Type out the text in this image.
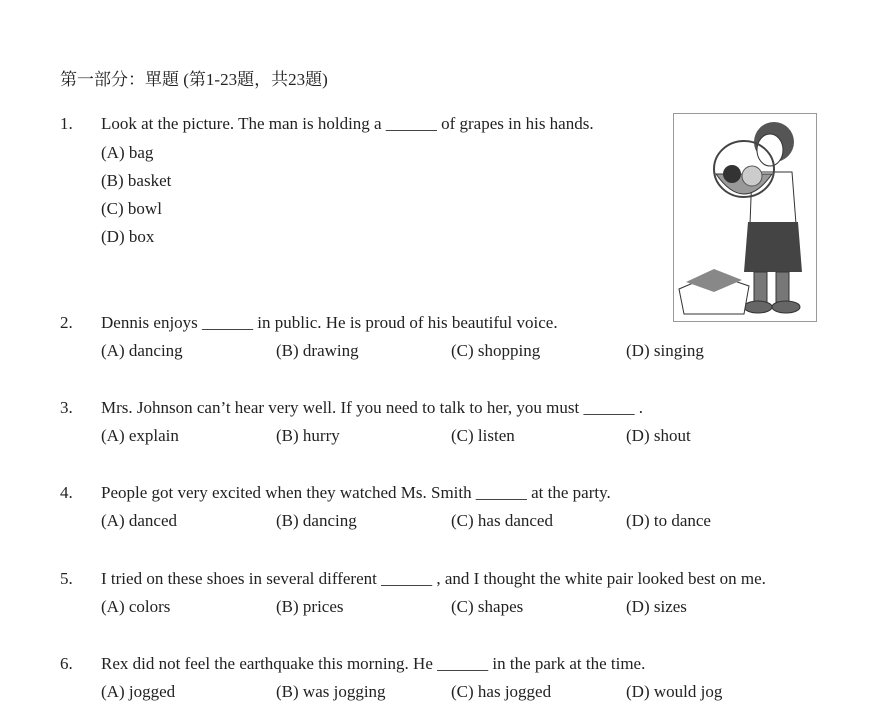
第一部分：單題 (第1-23題，共23題)
1. Look at the picture. The man is holding a ______ of grapes in his hands.
(A) bag
(B) basket
(C) bowl
(D) box
2. Dennis enjoys ______ in public. He is proud of his beautiful voice.
(A) dancing	(B) drawing	(C) shopping	(D) singing
3. Mrs. Johnson can’t hear very well. If you need to talk to her, you must ______ .
(A) explain	(B) hurry	(C) listen	(D) shout
4. People got very excited when they watched Ms. Smith ______ at the party.
(A) danced	(B) dancing	(C) has danced	(D) to dance
5. I tried on these shoes in several different ______ , and I thought the white pair looked best on me.
(A) colors	(B) prices	(C) shapes	(D) sizes
6. Rex did not feel the earthquake this morning. He ______ in the park at the time.
(A) jogged	(B) was jogging	(C) has jogged	(D) would jog
